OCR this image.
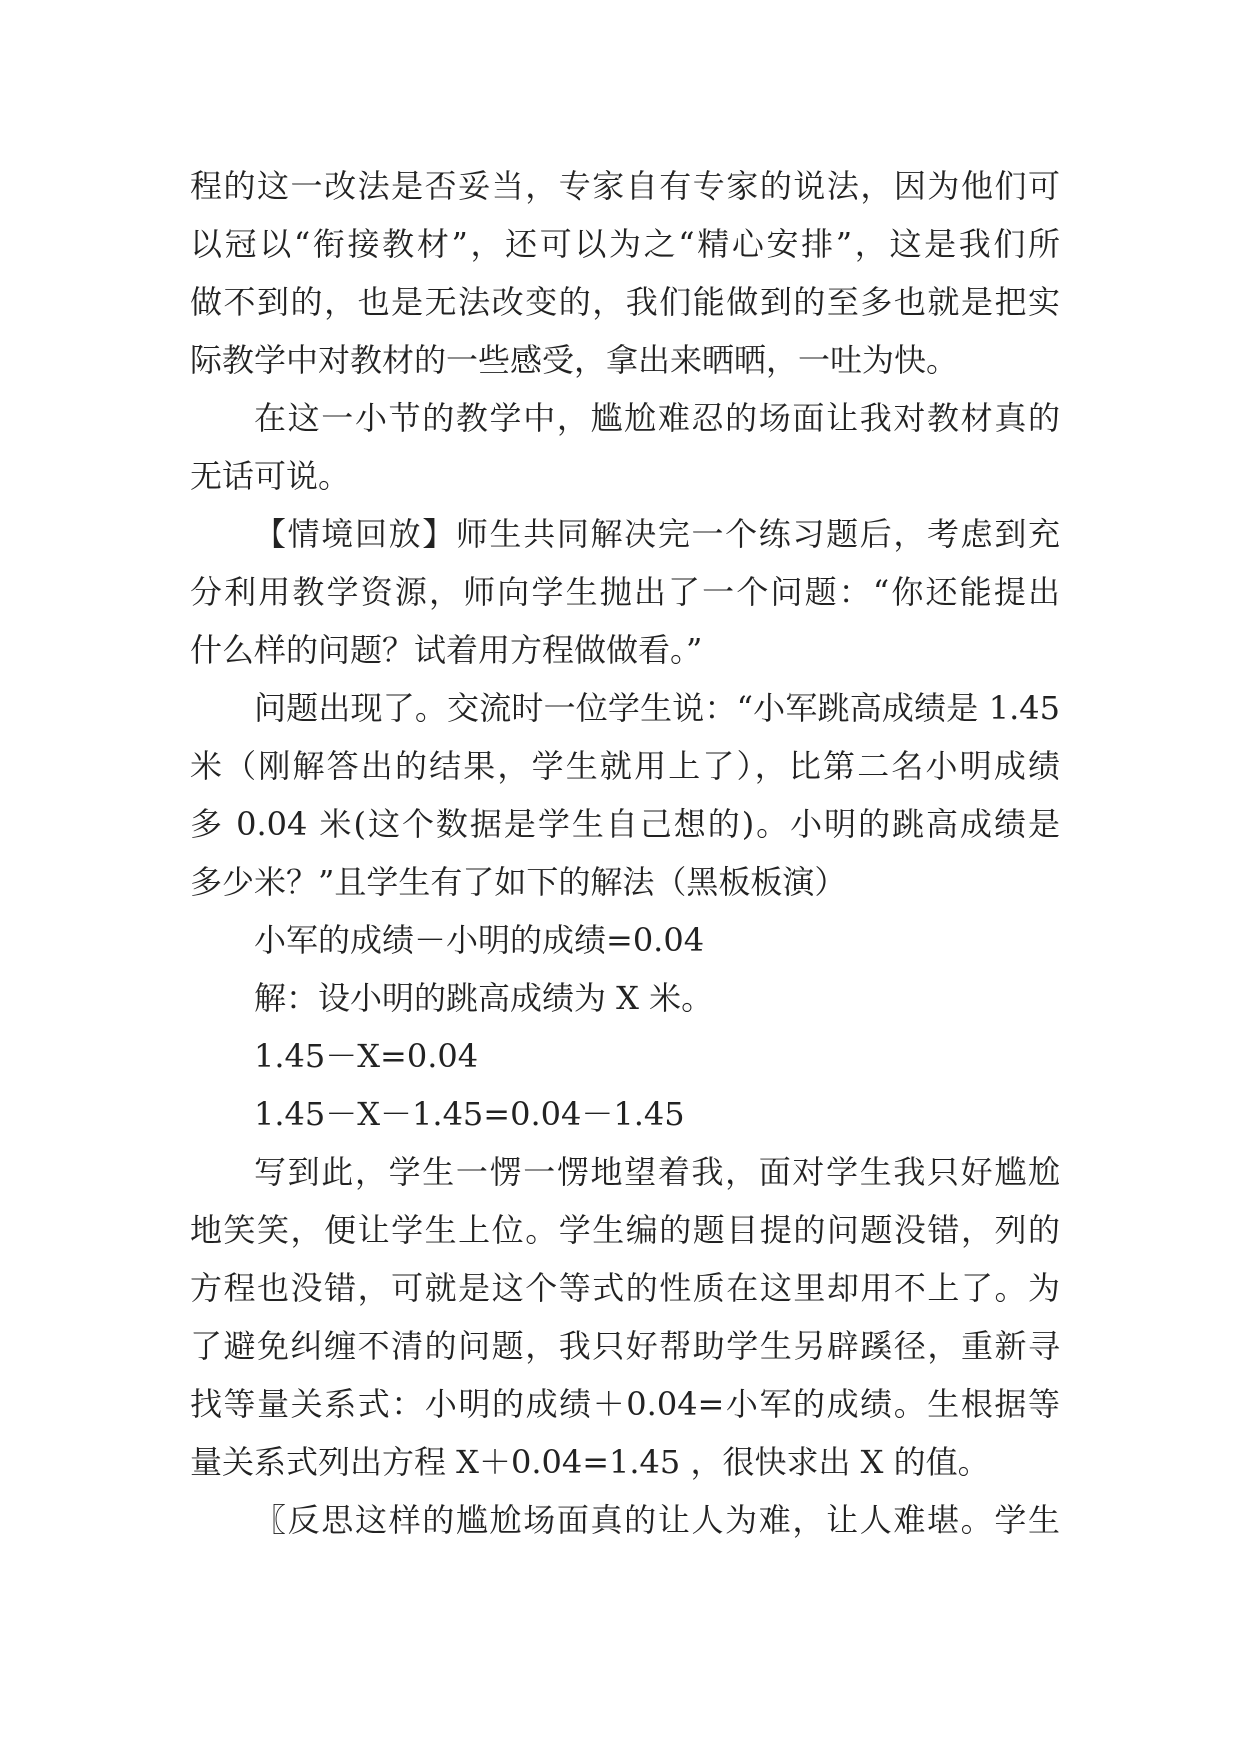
程的这一改法是否妥当，专家自有专家的说法，因为他们可
以冠以“衔接教材”，还可以为之“精心安排”，这是我们所
做不到的，也是无法改变的，我们能做到的至多也就是把实
际教学中对教材的一些感受，拿出来晒晒，一吐为快。

在这一小节的教学中，尴尬难忍的场面让我对教材真的
无话可说。

【情境回放】师生共同解决完一个练习题后，考虑到充
分利用教学资源，师向学生抛出了一个问题：“你还能提出
什么样的问题？试着用方程做做看。”

问题出现了。交流时一位学生说：“小军跳高成绩是 1.45
米（刚解答出的结果，学生就用上了），比第二名小明成绩
多 0.04 米(这个数据是学生自己想的)。小明的跳高成绩是
多少米？”且学生有了如下的解法（黑板板演）

小军的成绩－小明的成绩=0.04
解：设小明的跳高成绩为 X 米。
1.45－X=0.04
1.45－X－1.45=0.04－1.45

写到此，学生一愣一愣地望着我，面对学生我只好尴尬
地笑笑，便让学生上位。学生编的题目提的问题没错，列的
方程也没错，可就是这个等式的性质在这里却用不上了。为
了避免纠缠不清的问题，我只好帮助学生另辟蹊径，重新寻
找等量关系式：小明的成绩＋0.04=小军的成绩。生根据等
量关系式列出方程 X＋0.04=1.45 ，很快求出 X 的值。

〖反思这样的尴尬场面真的让人为难，让人难堪。学生
